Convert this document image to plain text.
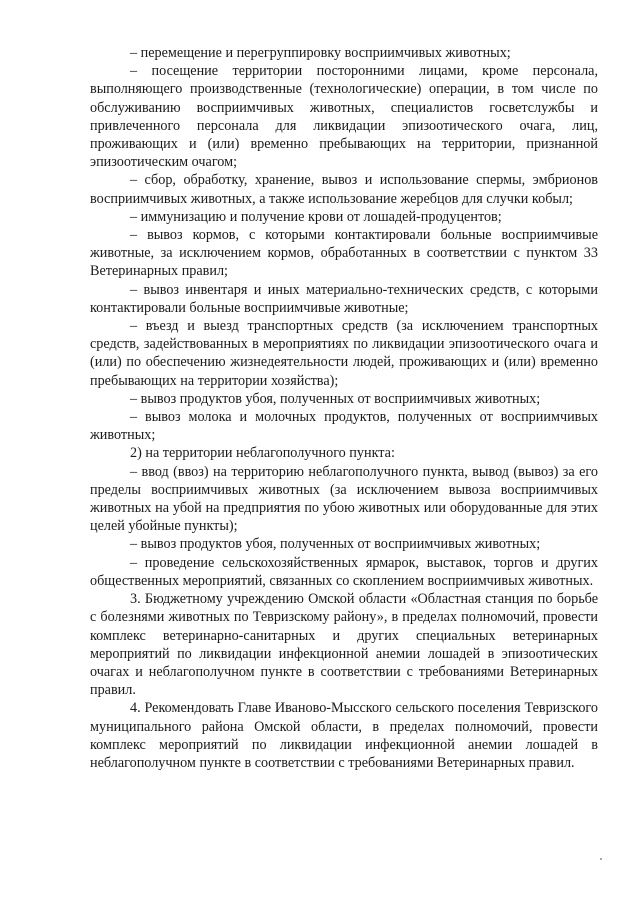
– перемещение и перегруппировку восприимчивых животных;

– посещение территории посторонними лицами, кроме персонала, выполняющего производственные (технологические) операции, в том числе по обслуживанию восприимчивых животных, специалистов госветслужбы и привлеченного персонала для ликвидации эпизоотического очага, лиц, проживающих и (или) временно пребывающих на территории, признанной эпизоотическим очагом;

– сбор, обработку, хранение, вывоз и использование спермы, эмбрионов восприимчивых животных, а также использование жеребцов для случки кобыл;

– иммунизацию и получение крови от лошадей-продуцентов;

– вывоз кормов, с которыми контактировали больные восприимчивые животные, за исключением кормов, обработанных в соответствии с пунктом 33 Ветеринарных правил;

– вывоз инвентаря и иных материально-технических средств, с которыми контактировали больные восприимчивые животные;

– въезд и выезд транспортных средств (за исключением транспортных средств, задействованных в мероприятиях по ликвидации эпизоотического очага и (или) по обеспечению жизнедеятельности людей, проживающих и (или) временно пребывающих на территории хозяйства);

– вывоз продуктов убоя, полученных от восприимчивых животных;

– вывоз молока и молочных продуктов, полученных от восприимчивых животных;

2) на территории неблагополучного пункта:

– ввод (ввоз) на территорию неблагополучного пункта, вывод (вывоз) за его пределы восприимчивых животных (за исключением вывоза восприимчивых животных на убой на предприятия по убою животных или оборудованные для этих целей убойные пункты);

– вывоз продуктов убоя, полученных от восприимчивых животных;

– проведение сельскохозяйственных ярмарок, выставок, торгов и других общественных мероприятий, связанных со скоплением восприимчивых животных.

3. Бюджетному учреждению Омской области «Областная станция по борьбе с болезнями животных по Тевризскому району», в пределах полномочий, провести комплекс ветеринарно-санитарных и других специальных ветеринарных мероприятий по ликвидации инфекционной анемии лошадей в эпизоотических очагах и неблагополучном пункте в соответствии с требованиями Ветеринарных правил.

4. Рекомендовать Главе Иваново-Мысского сельского поселения Тевризского муниципального района Омской области, в пределах полномочий, провести комплекс мероприятий по ликвидации инфекционной анемии лошадей в неблагополучном пункте в соответствии с требованиями Ветеринарных правил.
